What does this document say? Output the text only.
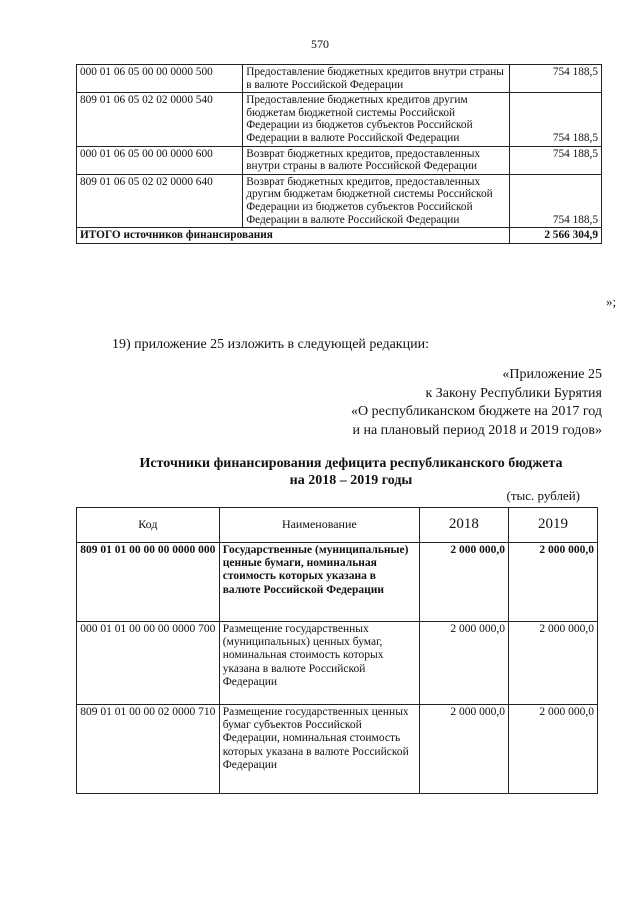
570
000 01 06 05 00 00 0000 500	Предоставление бюджетных кредитов внутри страны в валюте Российской Федерации	754 188,5

809 01 06 05 02 02 0000 540	Предоставление бюджетных кредитов другим бюджетам бюджетной системы Российской Федерации из бюджетов субъектов Российской Федерации в валюте Российской Федерации	754 188,5

000 01 06 05 00 00 0000 600	Возврат бюджетных кредитов, предоставленных внутри страны в валюте Российской Федерации	754 188,5

809 01 06 05 02 02 0000 640	Возврат бюджетных кредитов, предоставленных другим бюджетам бюджетной системы Российской Федерации из бюджетов субъектов Российской Федерации в валюте Российской Федерации	754 188,5

ИТОГО источников финансирования		2 566 304,9
»;
19) приложение 25 изложить в следующей редакции:
«Приложение 25
к Закону Республики Бурятия
«О республиканском бюджете на 2017 год
и на плановый период 2018 и 2019 годов»
Источники финансирования дефицита республиканского бюджета
на 2018 – 2019 годы
(тыс. рублей)
Код	Наименование	2018	2019
809 01 01 00 00 00 0000 000	Государственные (муниципальные) ценные бумаги, номинальная стоимость которых указана в валюте Российской Федерации	2 000 000,0	2 000 000,0
000 01 01 00 00 00 0000 700	Размещение государственных (муниципальных) ценных бумаг, номинальная стоимость которых указана в валюте Российской Федерации	2 000 000,0	2 000 000,0
809 01 01 00 00 02 0000 710	Размещение государственных ценных бумаг субъектов Российской Федерации, номинальная стоимость которых указана в валюте Российской Федерации	2 000 000,0	2 000 000,0
